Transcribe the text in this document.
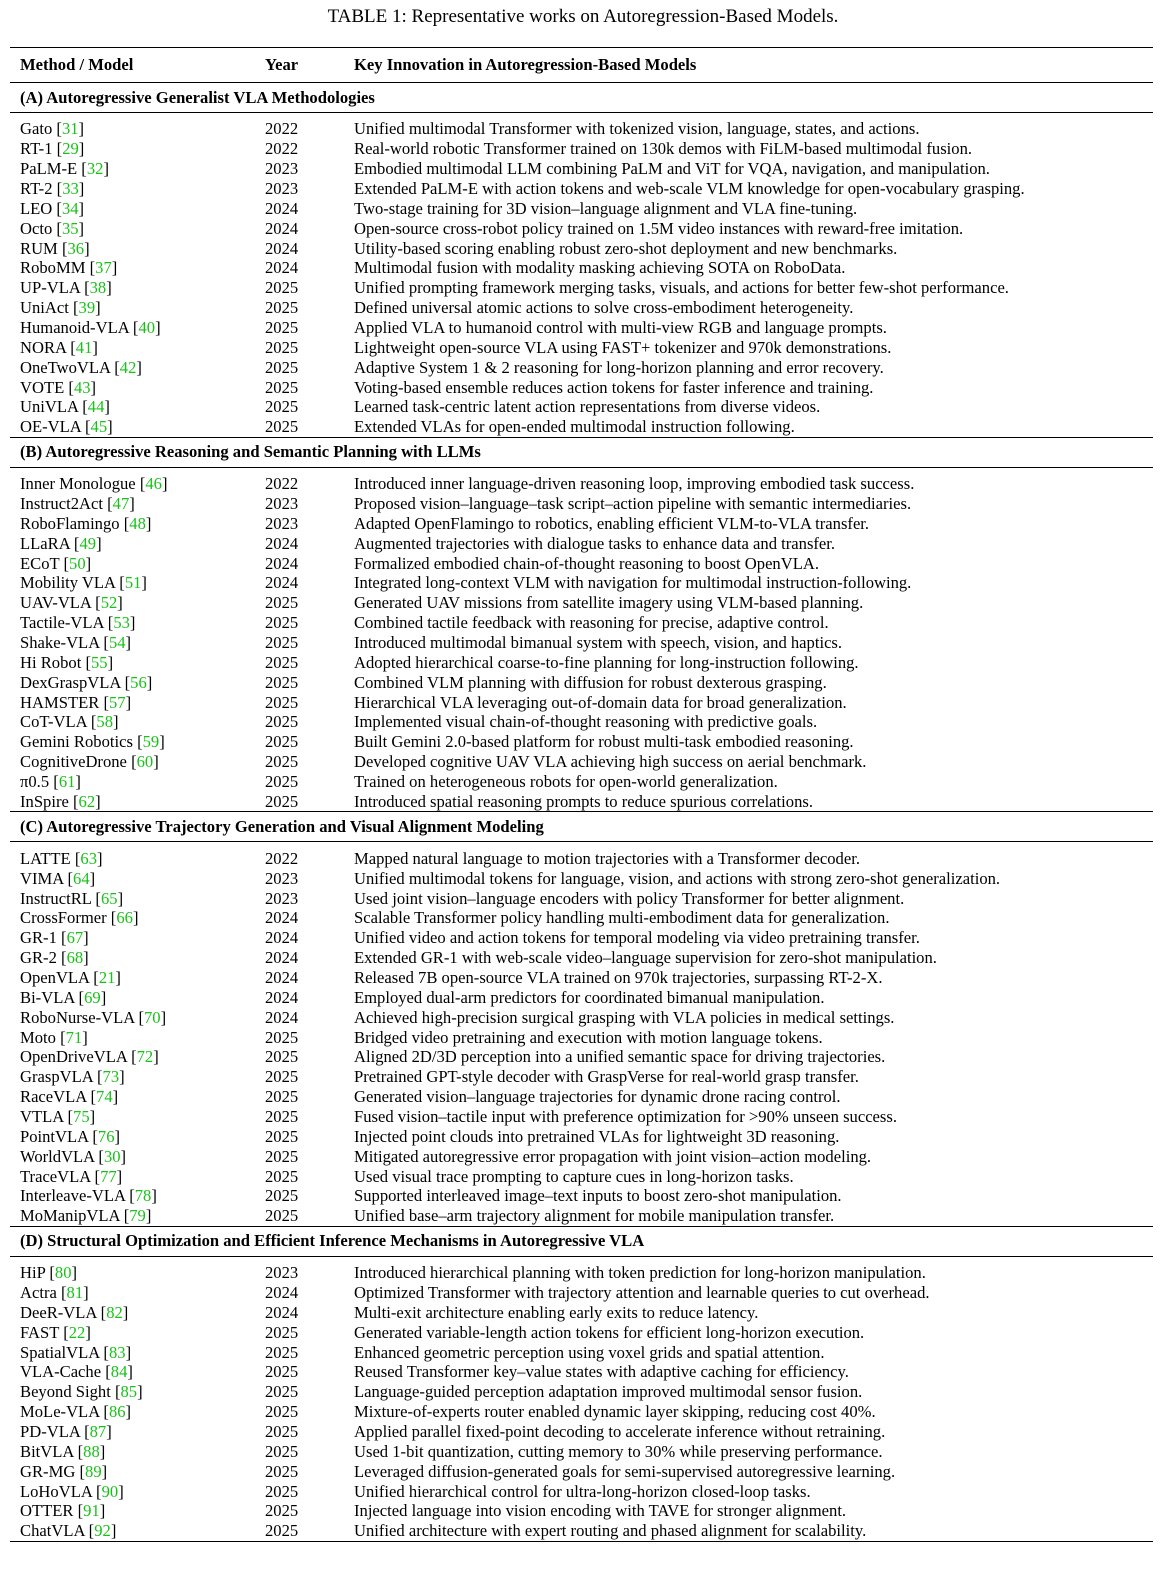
TABLE 1: Representative works on Autoregression-Based Models.
Method / Model	Year	Key Innovation in Autoregression-Based Models
(A) Autoregressive Generalist VLA Methodologies
Gato [31]	2022	Unified multimodal Transformer with tokenized vision, language, states, and actions.
RT-1 [29]	2022	Real-world robotic Transformer trained on 130k demos with FiLM-based multimodal fusion.
PaLM-E [32]	2023	Embodied multimodal LLM combining PaLM and ViT for VQA, navigation, and manipulation.
RT-2 [33]	2023	Extended PaLM-E with action tokens and web-scale VLM knowledge for open-vocabulary grasping.
LEO [34]	2024	Two-stage training for 3D vision–language alignment and VLA fine-tuning.
Octo [35]	2024	Open-source cross-robot policy trained on 1.5M video instances with reward-free imitation.
RUM [36]	2024	Utility-based scoring enabling robust zero-shot deployment and new benchmarks.
RoboMM [37]	2024	Multimodal fusion with modality masking achieving SOTA on RoboData.
UP-VLA [38]	2025	Unified prompting framework merging tasks, visuals, and actions for better few-shot performance.
UniAct [39]	2025	Defined universal atomic actions to solve cross-embodiment heterogeneity.
Humanoid-VLA [40]	2025	Applied VLA to humanoid control with multi-view RGB and language prompts.
NORA [41]	2025	Lightweight open-source VLA using FAST+ tokenizer and 970k demonstrations.
OneTwoVLA [42]	2025	Adaptive System 1 & 2 reasoning for long-horizon planning and error recovery.
VOTE [43]	2025	Voting-based ensemble reduces action tokens for faster inference and training.
UniVLA [44]	2025	Learned task-centric latent action representations from diverse videos.
OE-VLA [45]	2025	Extended VLAs for open-ended multimodal instruction following.
(B) Autoregressive Reasoning and Semantic Planning with LLMs
Inner Monologue [46]	2022	Introduced inner language-driven reasoning loop, improving embodied task success.
Instruct2Act [47]	2023	Proposed vision–language–task script–action pipeline with semantic intermediaries.
RoboFlamingo [48]	2023	Adapted OpenFlamingo to robotics, enabling efficient VLM-to-VLA transfer.
LLaRA [49]	2024	Augmented trajectories with dialogue tasks to enhance data and transfer.
ECoT [50]	2024	Formalized embodied chain-of-thought reasoning to boost OpenVLA.
Mobility VLA [51]	2024	Integrated long-context VLM with navigation for multimodal instruction-following.
UAV-VLA [52]	2025	Generated UAV missions from satellite imagery using VLM-based planning.
Tactile-VLA [53]	2025	Combined tactile feedback with reasoning for precise, adaptive control.
Shake-VLA [54]	2025	Introduced multimodal bimanual system with speech, vision, and haptics.
Hi Robot [55]	2025	Adopted hierarchical coarse-to-fine planning for long-instruction following.
DexGraspVLA [56]	2025	Combined VLM planning with diffusion for robust dexterous grasping.
HAMSTER [57]	2025	Hierarchical VLA leveraging out-of-domain data for broad generalization.
CoT-VLA [58]	2025	Implemented visual chain-of-thought reasoning with predictive goals.
Gemini Robotics [59]	2025	Built Gemini 2.0-based platform for robust multi-task embodied reasoning.
CognitiveDrone [60]	2025	Developed cognitive UAV VLA achieving high success on aerial benchmark.
π0.5 [61]	2025	Trained on heterogeneous robots for open-world generalization.
InSpire [62]	2025	Introduced spatial reasoning prompts to reduce spurious correlations.
(C) Autoregressive Trajectory Generation and Visual Alignment Modeling
LATTE [63]	2022	Mapped natural language to motion trajectories with a Transformer decoder.
VIMA [64]	2023	Unified multimodal tokens for language, vision, and actions with strong zero-shot generalization.
InstructRL [65]	2023	Used joint vision–language encoders with policy Transformer for better alignment.
CrossFormer [66]	2024	Scalable Transformer policy handling multi-embodiment data for generalization.
GR-1 [67]	2024	Unified video and action tokens for temporal modeling via video pretraining transfer.
GR-2 [68]	2024	Extended GR-1 with web-scale video–language supervision for zero-shot manipulation.
OpenVLA [21]	2024	Released 7B open-source VLA trained on 970k trajectories, surpassing RT-2-X.
Bi-VLA [69]	2024	Employed dual-arm predictors for coordinated bimanual manipulation.
RoboNurse-VLA [70]	2024	Achieved high-precision surgical grasping with VLA policies in medical settings.
Moto [71]	2025	Bridged video pretraining and execution with motion language tokens.
OpenDriveVLA [72]	2025	Aligned 2D/3D perception into a unified semantic space for driving trajectories.
GraspVLA [73]	2025	Pretrained GPT-style decoder with GraspVerse for real-world grasp transfer.
RaceVLA [74]	2025	Generated vision–language trajectories for dynamic drone racing control.
VTLA [75]	2025	Fused vision–tactile input with preference optimization for >90% unseen success.
PointVLA [76]	2025	Injected point clouds into pretrained VLAs for lightweight 3D reasoning.
WorldVLA [30]	2025	Mitigated autoregressive error propagation with joint vision–action modeling.
TraceVLA [77]	2025	Used visual trace prompting to capture cues in long-horizon tasks.
Interleave-VLA [78]	2025	Supported interleaved image–text inputs to boost zero-shot manipulation.
MoManipVLA [79]	2025	Unified base–arm trajectory alignment for mobile manipulation transfer.
(D) Structural Optimization and Efficient Inference Mechanisms in Autoregressive VLA
HiP [80]	2023	Introduced hierarchical planning with token prediction for long-horizon manipulation.
Actra [81]	2024	Optimized Transformer with trajectory attention and learnable queries to cut overhead.
DeeR-VLA [82]	2024	Multi-exit architecture enabling early exits to reduce latency.
FAST [22]	2025	Generated variable-length action tokens for efficient long-horizon execution.
SpatialVLA [83]	2025	Enhanced geometric perception using voxel grids and spatial attention.
VLA-Cache [84]	2025	Reused Transformer key–value states with adaptive caching for efficiency.
Beyond Sight [85]	2025	Language-guided perception adaptation improved multimodal sensor fusion.
MoLe-VLA [86]	2025	Mixture-of-experts router enabled dynamic layer skipping, reducing cost 40%.
PD-VLA [87]	2025	Applied parallel fixed-point decoding to accelerate inference without retraining.
BitVLA [88]	2025	Used 1-bit quantization, cutting memory to 30% while preserving performance.
GR-MG [89]	2025	Leveraged diffusion-generated goals for semi-supervised autoregressive learning.
LoHoVLA [90]	2025	Unified hierarchical control for ultra-long-horizon closed-loop tasks.
OTTER [91]	2025	Injected language into vision encoding with TAVE for stronger alignment.
ChatVLA [92]	2025	Unified architecture with expert routing and phased alignment for scalability.
